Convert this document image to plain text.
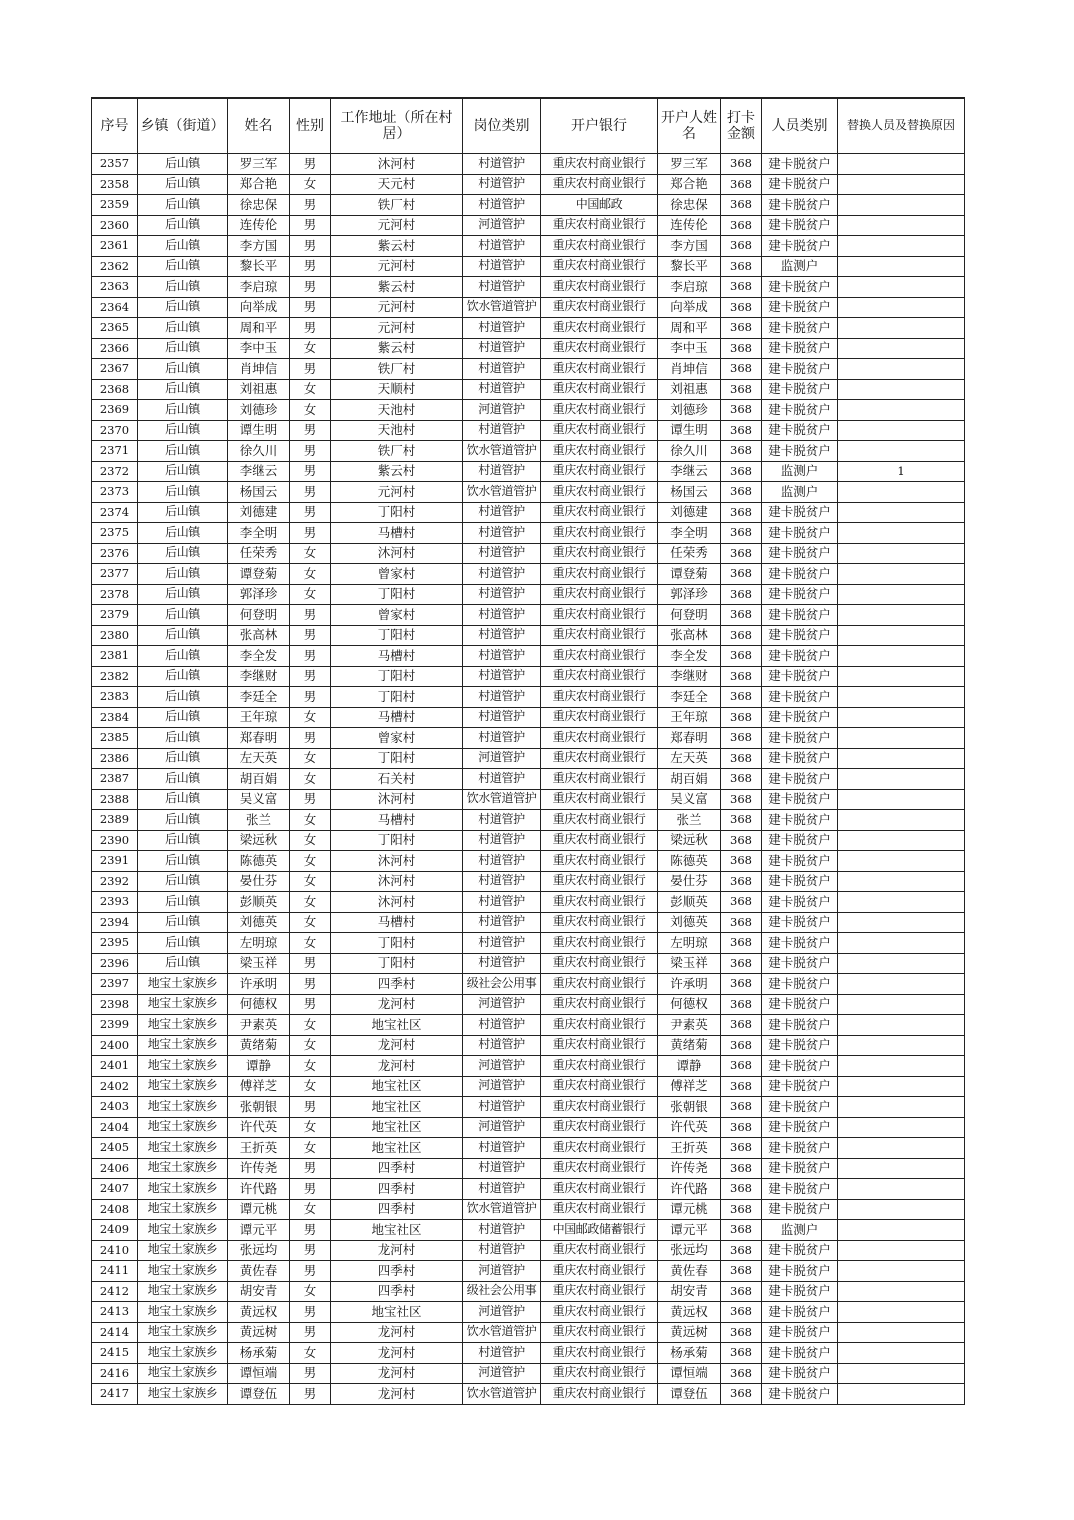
序号	乡镇（街道）	姓名	性别	工作地址（所在村居）	岗位类别	开户银行	开户人姓名	打卡金额	人员类别	替换人员及替换原因
2357	后山镇	罗三军	男	沐河村	村道管护	重庆农村商业银行	罗三军	368	建卡脱贫户	
2358	后山镇	郑合艳	女	天元村	村道管护	重庆农村商业银行	郑合艳	368	建卡脱贫户	
2359	后山镇	徐忠保	男	铁厂村	村道管护	中国邮政	徐忠保	368	建卡脱贫户	
2360	后山镇	连传伦	男	元河村	河道管护	重庆农村商业银行	连传伦	368	建卡脱贫户	
2361	后山镇	李方国	男	紫云村	村道管护	重庆农村商业银行	李方国	368	建卡脱贫户	
2362	后山镇	黎长平	男	元河村	村道管护	重庆农村商业银行	黎长平	368	监测户	
2363	后山镇	李启琼	男	紫云村	村道管护	重庆农村商业银行	李启琼	368	建卡脱贫户	
2364	后山镇	向举成	男	元河村	饮水管道管护	重庆农村商业银行	向举成	368	建卡脱贫户	
2365	后山镇	周和平	男	元河村	村道管护	重庆农村商业银行	周和平	368	建卡脱贫户	
2366	后山镇	李中玉	女	紫云村	村道管护	重庆农村商业银行	李中玉	368	建卡脱贫户	
2367	后山镇	肖坤信	男	铁厂村	村道管护	重庆农村商业银行	肖坤信	368	建卡脱贫户	
2368	后山镇	刘祖惠	女	天顺村	村道管护	重庆农村商业银行	刘祖惠	368	建卡脱贫户	
2369	后山镇	刘德珍	女	天池村	河道管护	重庆农村商业银行	刘德珍	368	建卡脱贫户	
2370	后山镇	谭生明	男	天池村	村道管护	重庆农村商业银行	谭生明	368	建卡脱贫户	
2371	后山镇	徐久川	男	铁厂村	饮水管道管护	重庆农村商业银行	徐久川	368	建卡脱贫户	
2372	后山镇	李继云	男	紫云村	村道管护	重庆农村商业银行	李继云	368	监测户	1
2373	后山镇	杨国云	男	元河村	饮水管道管护	重庆农村商业银行	杨国云	368	监测户	
2374	后山镇	刘德建	男	丁阳村	村道管护	重庆农村商业银行	刘德建	368	建卡脱贫户	
2375	后山镇	李全明	男	马槽村	村道管护	重庆农村商业银行	李全明	368	建卡脱贫户	
2376	后山镇	任荣秀	女	沐河村	村道管护	重庆农村商业银行	任荣秀	368	建卡脱贫户	
2377	后山镇	谭登菊	女	曾家村	村道管护	重庆农村商业银行	谭登菊	368	建卡脱贫户	
2378	后山镇	郭泽珍	女	丁阳村	村道管护	重庆农村商业银行	郭泽珍	368	建卡脱贫户	
2379	后山镇	何登明	男	曾家村	村道管护	重庆农村商业银行	何登明	368	建卡脱贫户	
2380	后山镇	张高林	男	丁阳村	村道管护	重庆农村商业银行	张高林	368	建卡脱贫户	
2381	后山镇	李全发	男	马槽村	村道管护	重庆农村商业银行	李全发	368	建卡脱贫户	
2382	后山镇	李继财	男	丁阳村	村道管护	重庆农村商业银行	李继财	368	建卡脱贫户	
2383	后山镇	李廷全	男	丁阳村	村道管护	重庆农村商业银行	李廷全	368	建卡脱贫户	
2384	后山镇	王年琼	女	马槽村	村道管护	重庆农村商业银行	王年琼	368	建卡脱贫户	
2385	后山镇	郑春明	男	曾家村	村道管护	重庆农村商业银行	郑春明	368	建卡脱贫户	
2386	后山镇	左天英	女	丁阳村	河道管护	重庆农村商业银行	左天英	368	建卡脱贫户	
2387	后山镇	胡百娟	女	石关村	村道管护	重庆农村商业银行	胡百娟	368	建卡脱贫户	
2388	后山镇	吴义富	男	沐河村	饮水管道管护	重庆农村商业银行	吴义富	368	建卡脱贫户	
2389	后山镇	张兰	女	马槽村	村道管护	重庆农村商业银行	张兰	368	建卡脱贫户	
2390	后山镇	梁远秋	女	丁阳村	村道管护	重庆农村商业银行	梁远秋	368	建卡脱贫户	
2391	后山镇	陈德英	女	沐河村	村道管护	重庆农村商业银行	陈德英	368	建卡脱贫户	
2392	后山镇	晏仕芬	女	沐河村	村道管护	重庆农村商业银行	晏仕芬	368	建卡脱贫户	
2393	后山镇	彭顺英	女	沐河村	村道管护	重庆农村商业银行	彭顺英	368	建卡脱贫户	
2394	后山镇	刘德英	女	马槽村	村道管护	重庆农村商业银行	刘德英	368	建卡脱贫户	
2395	后山镇	左明琼	女	丁阳村	村道管护	重庆农村商业银行	左明琼	368	建卡脱贫户	
2396	后山镇	梁玉祥	男	丁阳村	村道管护	重庆农村商业银行	梁玉祥	368	建卡脱贫户	
2397	地宝土家族乡	许承明	男	四季村	级社会公用事	重庆农村商业银行	许承明	368	建卡脱贫户	
2398	地宝土家族乡	何德权	男	龙河村	河道管护	重庆农村商业银行	何德权	368	建卡脱贫户	
2399	地宝土家族乡	尹素英	女	地宝社区	村道管护	重庆农村商业银行	尹素英	368	建卡脱贫户	
2400	地宝土家族乡	黄绪菊	女	龙河村	村道管护	重庆农村商业银行	黄绪菊	368	建卡脱贫户	
2401	地宝土家族乡	谭静	女	龙河村	河道管护	重庆农村商业银行	谭静	368	建卡脱贫户	
2402	地宝土家族乡	傅祥芝	女	地宝社区	河道管护	重庆农村商业银行	傅祥芝	368	建卡脱贫户	
2403	地宝土家族乡	张朝银	男	地宝社区	村道管护	重庆农村商业银行	张朝银	368	建卡脱贫户	
2404	地宝土家族乡	许代英	女	地宝社区	河道管护	重庆农村商业银行	许代英	368	建卡脱贫户	
2405	地宝土家族乡	王折英	女	地宝社区	村道管护	重庆农村商业银行	王折英	368	建卡脱贫户	
2406	地宝土家族乡	许传尧	男	四季村	村道管护	重庆农村商业银行	许传尧	368	建卡脱贫户	
2407	地宝土家族乡	许代路	男	四季村	村道管护	重庆农村商业银行	许代路	368	建卡脱贫户	
2408	地宝土家族乡	谭元桃	女	四季村	饮水管道管护	重庆农村商业银行	谭元桃	368	建卡脱贫户	
2409	地宝土家族乡	谭元平	男	地宝社区	村道管护	中国邮政储蓄银行	谭元平	368	监测户	
2410	地宝土家族乡	张远均	男	龙河村	村道管护	重庆农村商业银行	张远均	368	建卡脱贫户	
2411	地宝土家族乡	黄佐春	男	四季村	河道管护	重庆农村商业银行	黄佐春	368	建卡脱贫户	
2412	地宝土家族乡	胡安青	女	四季村	级社会公用事	重庆农村商业银行	胡安青	368	建卡脱贫户	
2413	地宝土家族乡	黄远权	男	地宝社区	河道管护	重庆农村商业银行	黄远权	368	建卡脱贫户	
2414	地宝土家族乡	黄远树	男	龙河村	饮水管道管护	重庆农村商业银行	黄远树	368	建卡脱贫户	
2415	地宝土家族乡	杨承菊	女	龙河村	村道管护	重庆农村商业银行	杨承菊	368	建卡脱贫户	
2416	地宝土家族乡	谭恒端	男	龙河村	河道管护	重庆农村商业银行	谭恒端	368	建卡脱贫户	
2417	地宝土家族乡	谭登伍	男	龙河村	饮水管道管护	重庆农村商业银行	谭登伍	368	建卡脱贫户	
